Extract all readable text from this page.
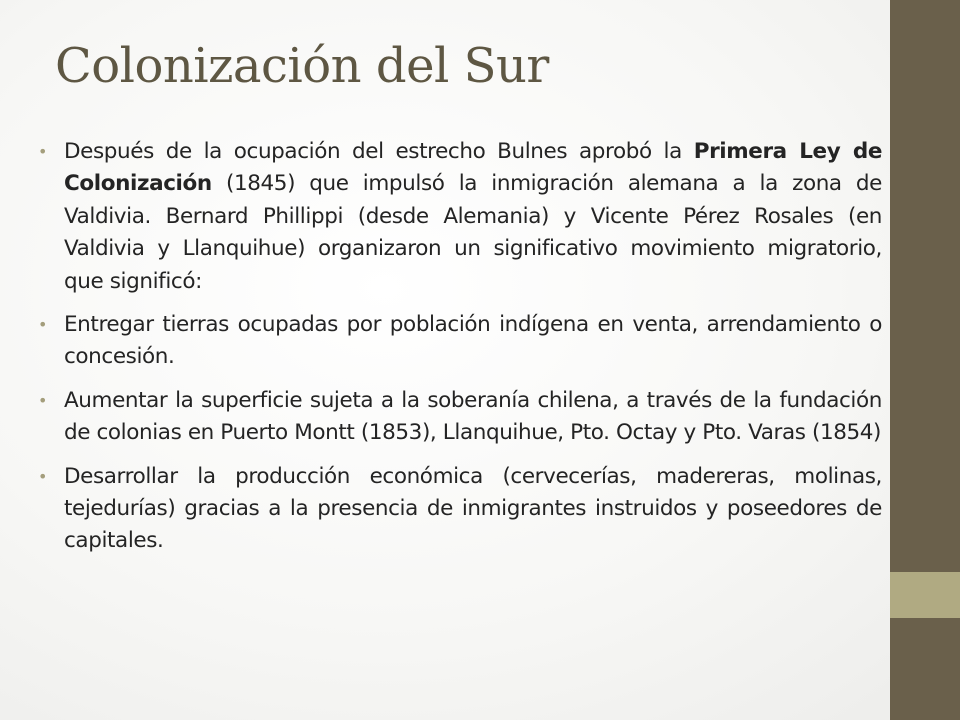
Colonización del Sur
• Después de la ocupación del estrecho Bulnes aprobó la Primera Ley de Colonización (1845) que impulsó la inmigración alemana a la zona de Valdivia. Bernard Phillippi (desde Alemania) y Vicente Pérez Rosales (en Valdivia y Llanquihue) organizaron un significativo movimiento migratorio, que significó:
• Entregar tierras ocupadas por población indígena en venta, arrendamiento o concesión.
• Aumentar la superficie sujeta a la soberanía chilena, a través de la fundación de colonias en Puerto Montt (1853), Llanquihue, Pto. Octay y Pto. Varas (1854)
• Desarrollar la producción económica (cervecerías, madereras, molinas, tejedurías) gracias a la presencia de inmigrantes instruidos y poseedores de capitales.
